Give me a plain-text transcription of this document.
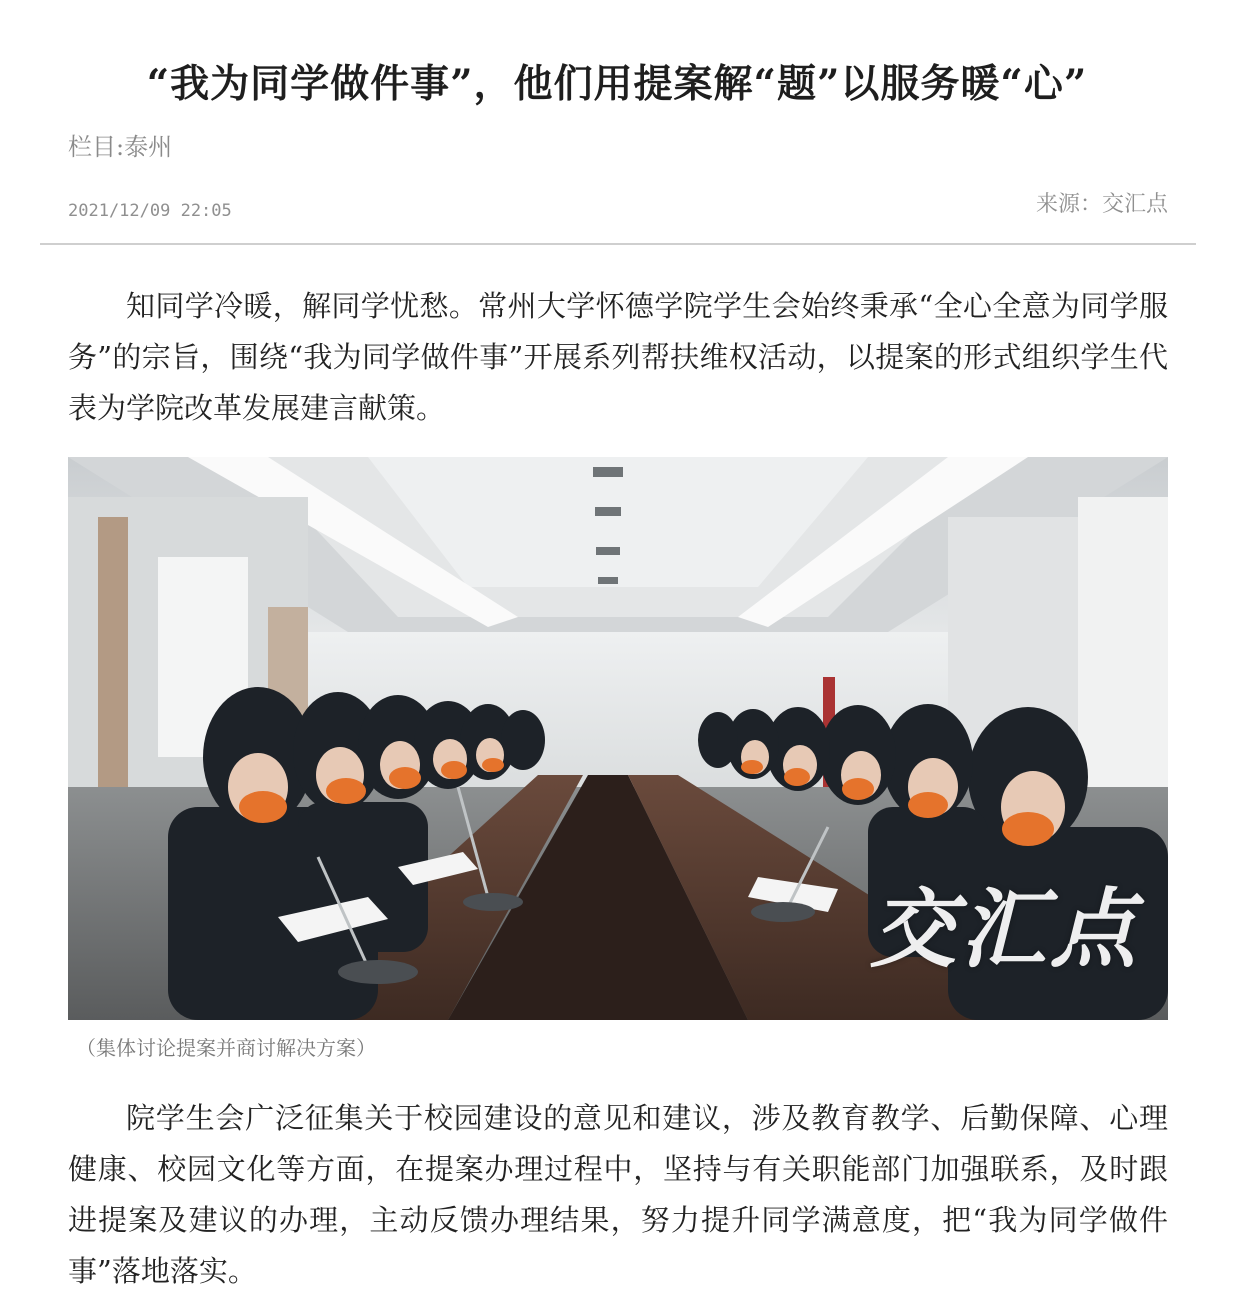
“我为同学做件事”，他们用提案解“题”以服务暖“心”
栏目:泰州
2021/12/09 22:05	来源：交汇点

知同学冷暖，解同学忧愁。常州大学怀德学院学生会始终秉承“全心全意为同学服务”的宗旨，围绕“我为同学做件事”开展系列帮扶维权活动，以提案的形式组织学生代表为学院改革发展建言献策。

交汇点
（集体讨论提案并商讨解决方案）

院学生会广泛征集关于校园建设的意见和建议，涉及教育教学、后勤保障、心理健康、校园文化等方面，在提案办理过程中，坚持与有关职能部门加强联系，及时跟进提案及建议的办理，主动反馈办理结果，努力提升同学满意度，把“我为同学做件事”落地落实。
